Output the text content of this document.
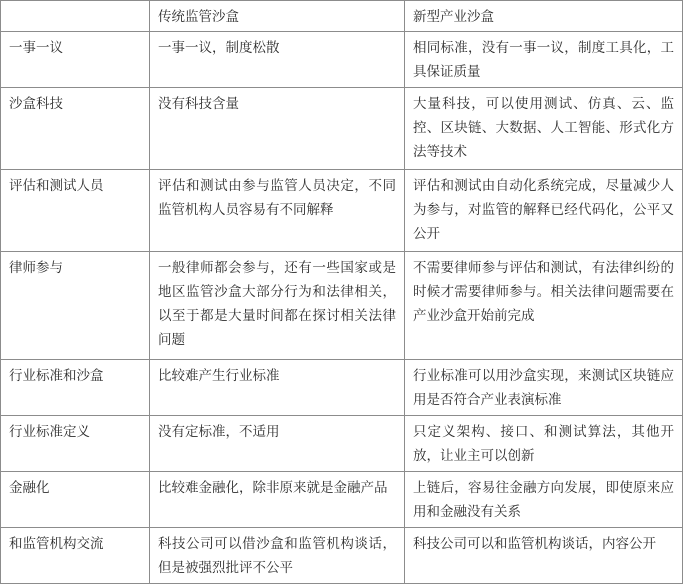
	传统监管沙盒	新型产业沙盒
一事一议	一事一议，制度松散	相同标准，没有一事一议，制度工具化，工具保证质量
沙盒科技	没有科技含量	大量科技，可以使用测试、仿真、云、监控、区块链、大数据、人工智能、形式化方法等技术
评估和测试人员	评估和测试由参与监管人员决定，不同监管机构人员容易有不同解释	评估和测试由自动化系统完成，尽量减少人为参与，对监管的解释已经代码化，公平又公开
律师参与	一般律师都会参与，还有一些国家或是地区监管沙盒大部分行为和法律相关，以至于都是大量时间都在探讨相关法律问题	不需要律师参与评估和测试，有法律纠纷的时候才需要律师参与。相关法律问题需要在产业沙盒开始前完成
行业标准和沙盒	比较难产生行业标准	行业标准可以用沙盒实现，来测试区块链应用是否符合产业表演标准
行业标准定义	没有定标准，不适用	只定义架构、接口、和测试算法，其他开放，让业主可以创新
金融化	比较难金融化，除非原来就是金融产品	上链后，容易往金融方向发展，即使原来应用和金融没有关系
和监管机构交流	科技公司可以借沙盒和监管机构谈话，但是被强烈批评不公平	科技公司可以和监管机构谈话，内容公开
